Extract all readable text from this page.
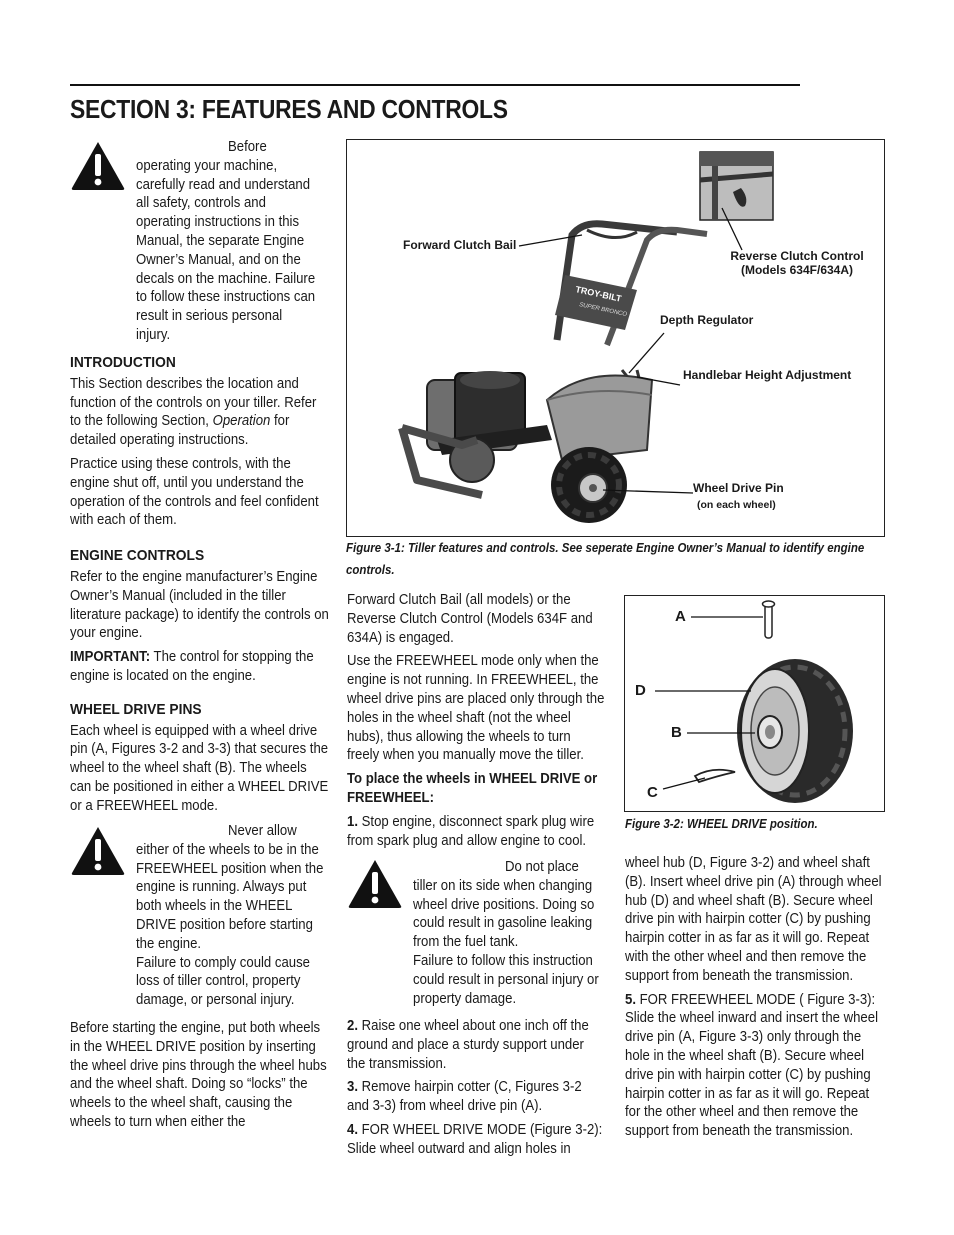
SECTION 3: FEATURES AND CONTROLS
Before operating your machine, carefully read and understand all safety, controls and operating instructions in this Manual, the separate Engine Owner’s Manual, and on the decals on the machine. Failure to follow these instructions can result in serious personal injury.
INTRODUCTION

This Section describes the location and function of the controls on your tiller. Refer to the following Section, Operation for detailed operating instructions.

Practice using these controls, with the engine shut off, until you understand the operation of the controls and feel confident with each of them.

ENGINE CONTROLS

Refer to the engine manufacturer’s Engine Owner’s Manual (included in the tiller literature package) to identify the controls on your engine.

IMPORTANT: The control for stopping the engine is located on the engine.

WHEEL DRIVE PINS

Each wheel is equipped with a wheel drive pin (A, Figures 3-2 and 3-3) that secures the wheel to the wheel shaft (B). The wheels can be positioned in either a WHEEL DRIVE or a FREEWHEEL mode.

Never allow either of the wheels to be in the FREEWHEEL position when the engine is running. Always put both wheels in the WHEEL DRIVE position before starting the engine.
Failure to comply could cause loss of tiller control, property damage, or personal injury.
Before starting the engine, put both wheels in the WHEEL DRIVE position by inserting the wheel drive pins through the wheel hubs and the wheel shaft. Doing so “locks” the wheels to the wheel shaft, causing the wheels to turn when either the
TROY-BILT
SUPER BRONCO
Forward Clutch Bail
Reverse Clutch Control
(Models 634F/634A)
Depth Regulator
Handlebar Height Adjustment
Wheel Drive Pin
(on each wheel)
Figure 3-1: Tiller features and controls. See seperate Engine Owner’s Manual to identify engine controls.

Forward Clutch Bail (all models) or the Reverse Clutch Control (Models 634F and 634A) is engaged.

Use the FREEWHEEL mode only when the engine is not running. In FREEWHEEL, the wheel drive pins are placed only through the holes in the wheel shaft (not the wheel hubs), thus allowing the wheels to turn freely when you manually move the tiller.

To place the wheels in WHEEL DRIVE or FREEWHEEL:

1. Stop engine, disconnect spark plug wire from spark plug and allow engine to cool.

Do not place tiller on its side when changing wheel drive positions. Doing so could result in gasoline leaking from the fuel tank.
Failure to follow this instruction could result in personal injury or property damage.

2. Raise one wheel about one inch off the ground and place a sturdy support under the transmission.

3. Remove hairpin cotter (C, Figures 3-2 and 3-3) from wheel drive pin (A).

4. FOR WHEEL DRIVE MODE (Figure 3-2): Slide wheel outward and align holes in

A
D
B
C
Figure 3-2: WHEEL DRIVE position.

wheel hub (D, Figure 3-2) and wheel shaft (B). Insert wheel drive pin (A) through wheel hub (D) and wheel shaft (B). Secure wheel drive pin with hairpin cotter (C) by pushing hairpin cotter in as far as it will go. Repeat with the other wheel and then remove the support from beneath the transmission.

5. FOR FREEWHEEL MODE ( Figure 3-3): Slide the wheel inward and insert the wheel drive pin (A, Figure 3-3) only through the hole in the wheel shaft (B). Secure wheel drive pin with hairpin cotter (C) by pushing hairpin cotter in as far as it will go. Repeat for the other wheel and then remove the support from beneath the transmission.
